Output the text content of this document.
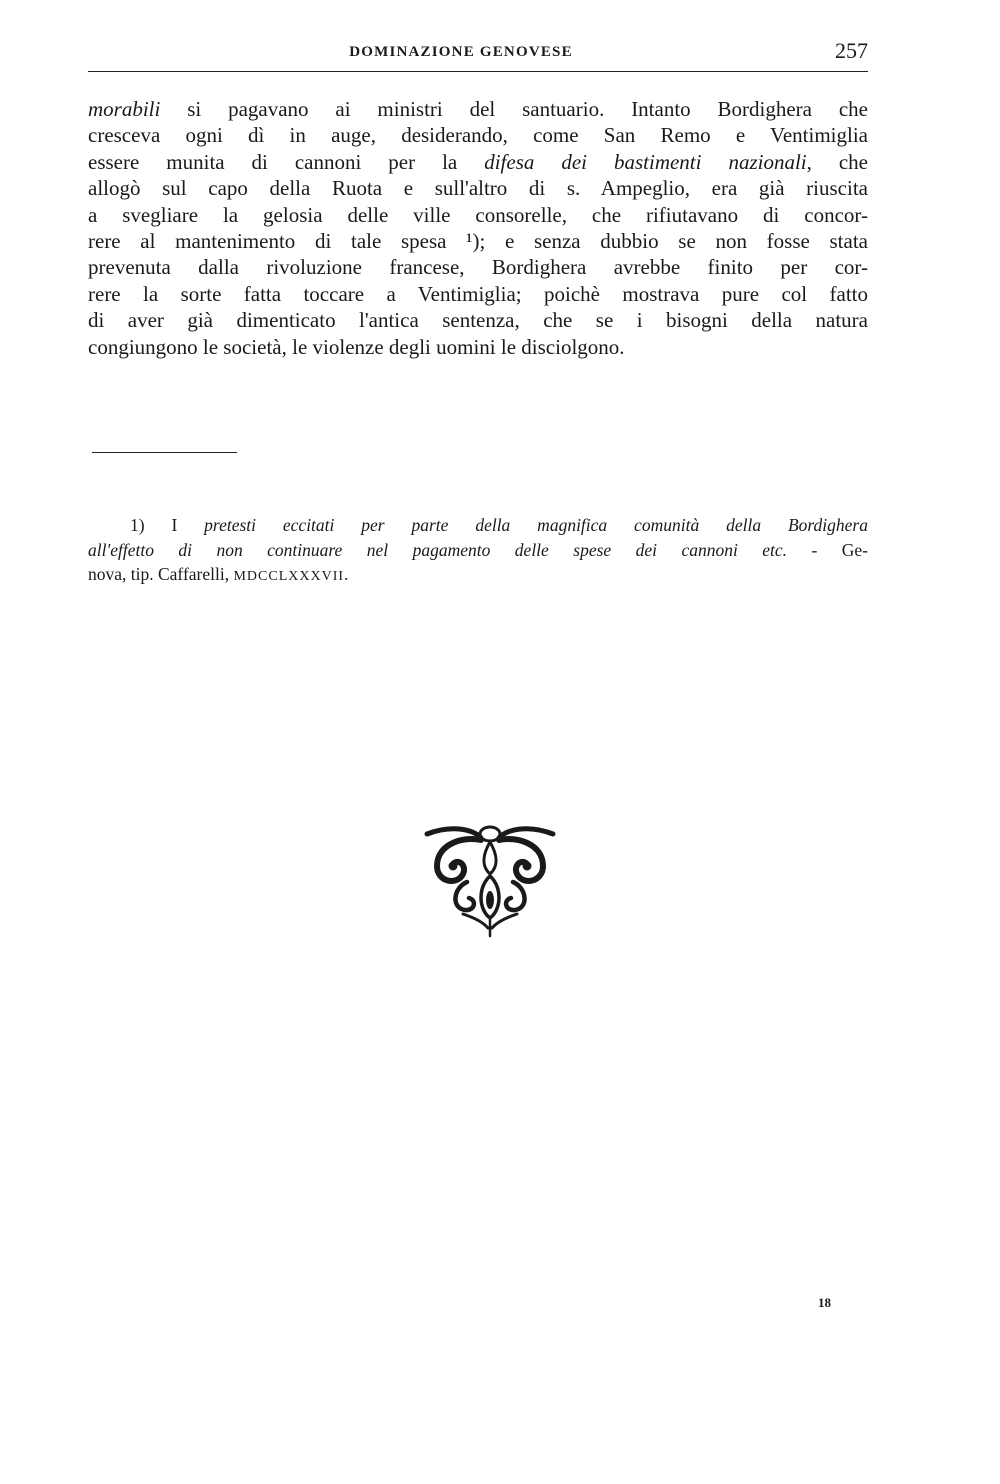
DOMINAZIONE GENOVESE	257
morabili si pagavano ai ministri del santuario. Intanto Bordighera che
cresceva ogni dì in auge, desiderando, come San Remo e Ventimiglia
essere munita di cannoni per la difesa dei bastimenti nazionali, che
allogò sul capo della Ruota e sull'altro di s. Ampeglio, era già riuscita
a svegliare la gelosia delle ville consorelle, che rifiutavano di concor-
rere al mantenimento di tale spesa ¹); e senza dubbio se non fosse stata
prevenuta dalla rivoluzione francese, Bordighera avrebbe finito per cor-
rere la sorte fatta toccare a Ventimiglia; poichè mostrava pure col fatto
di aver già dimenticato l'antica sentenza, che se i bisogni della natura
congiungono le società, le violenze degli uomini le disciolgono.
1) I pretesti eccitati per parte della magnifica comunità della Bordighera
all'effetto di non continuare nel pagamento delle spese dei cannoni etc. - Ge-
nova, tip. Caffarelli, MDCCLXXXVII.
18
